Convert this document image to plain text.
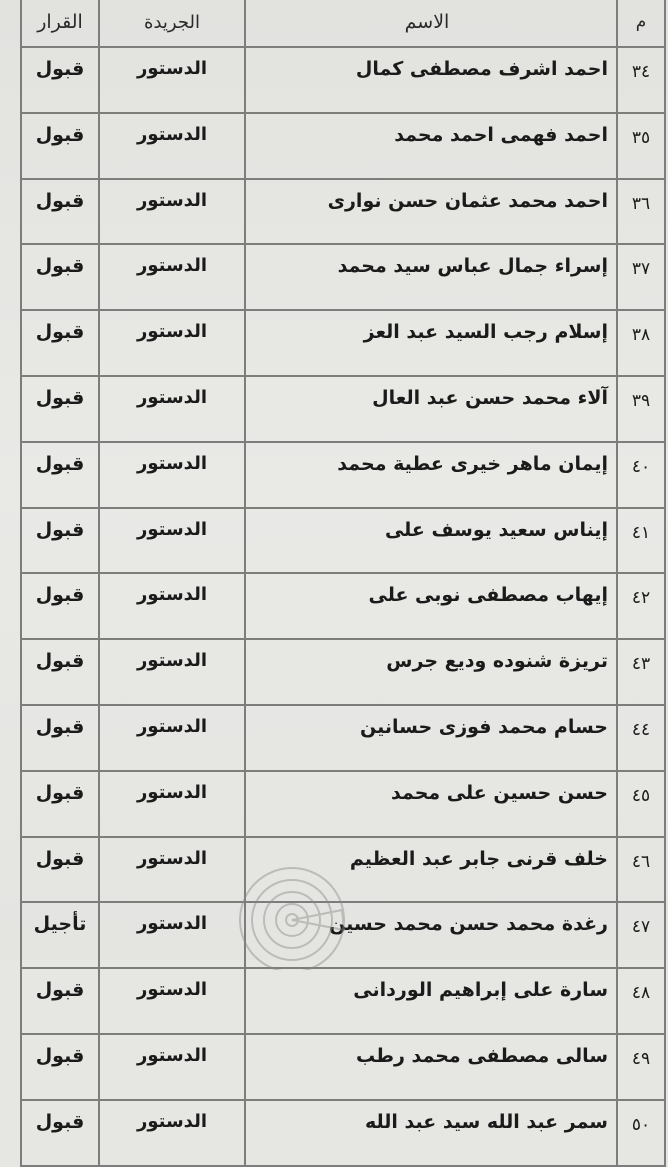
م	الاسم	الجريدة	القرار
٣٤	احمد اشرف مصطفى كمال	الدستور	قبول
٣٥	احمد فهمى احمد محمد	الدستور	قبول
٣٦	احمد محمد عثمان حسن نوارى	الدستور	قبول
٣٧	إسراء جمال عباس سيد محمد	الدستور	قبول
٣٨	إسلام رجب السيد عبد العز	الدستور	قبول
٣٩	آلاء محمد حسن عبد العال	الدستور	قبول
٤٠	إيمان ماهر خيرى عطية محمد	الدستور	قبول
٤١	إيناس سعيد يوسف على	الدستور	قبول
٤٢	إيهاب مصطفى نوبى على	الدستور	قبول
٤٣	تريزة شنوده وديع جرس	الدستور	قبول
٤٤	حسام محمد فوزى حسانين	الدستور	قبول
٤٥	حسن حسين على محمد	الدستور	قبول
٤٦	خلف قرنى جابر عبد العظيم	الدستور	قبول
٤٧	رغدة محمد حسن محمد حسين	الدستور	تأجيل
٤٨	سارة على إبراهيم الوردانى	الدستور	قبول
٤٩	سالى مصطفى محمد رطب	الدستور	قبول
٥٠	سمر عبد الله سيد عبد الله	الدستور	قبول
